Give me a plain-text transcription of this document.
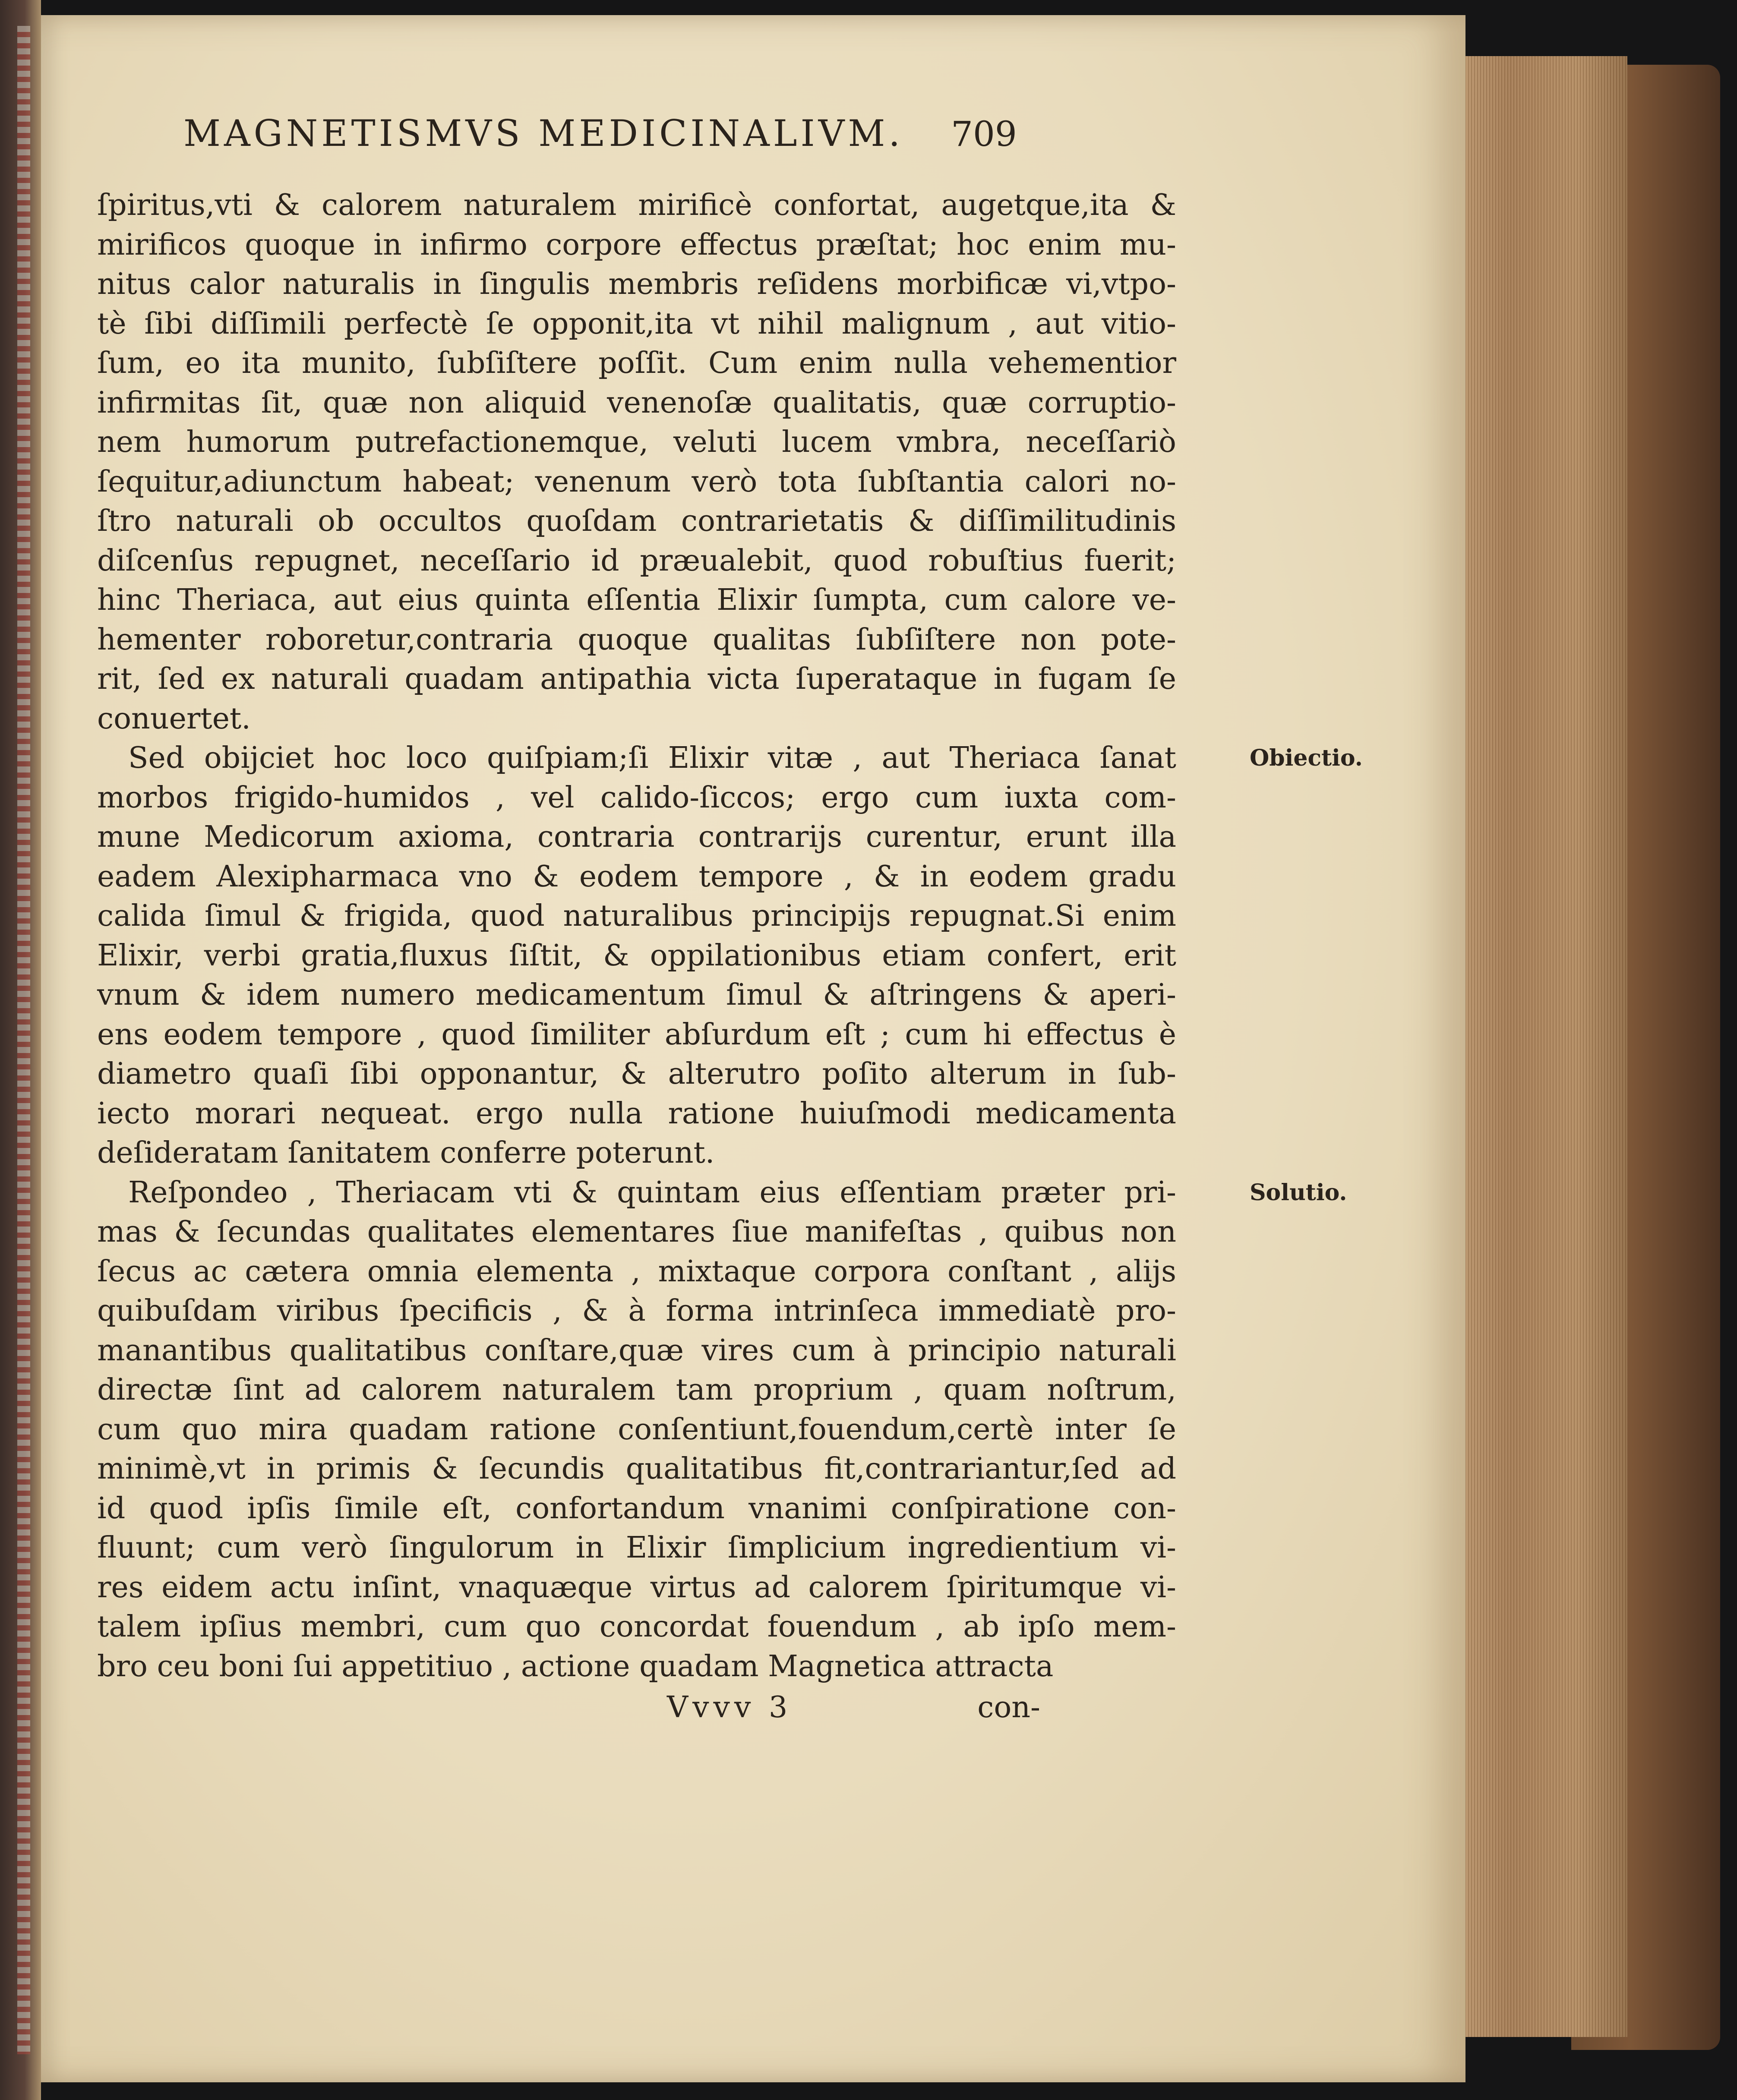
MAGNETISMVS MEDICINALIVM. 709
ſpiritus,vti & calorem naturalem mirificè confortat, augetque,ita &
mirificos quoque in infirmo corpore effectus præſtat; hoc enim mu-
nitus calor naturalis in ſingulis membris reſidens morbificæ vi,vtpo-
tè ſibi diſſimili perfectè ſe opponit,ita vt nihil malignum , aut vitio-
ſum, eo ita munito, ſubſiſtere poſſit. Cum enim nulla vehementior
infirmitas ſit, quæ non aliquid venenoſæ qualitatis, quæ corruptio-
nem humorum putrefactionemque, veluti lucem vmbra, neceſſariò
ſequitur,adiunctum habeat; venenum verò tota ſubſtantia calori no-
ſtro naturali ob occultos quoſdam contrarietatis & diſſimilitudinis
diſcenſus repugnet, neceſſario id præualebit, quod robuſtius fuerit;
hinc Theriaca, aut eius quinta eſſentia Elixir ſumpta, cum calore ve-
hementer roboretur,contraria quoque qualitas ſubſiſtere non pote-
rit, ſed ex naturali quadam antipathia victa ſuperataque in fugam ſe
conuertet.
Sed obijciet hoc loco quiſpiam;ſi Elixir vitæ , aut Theriaca ſanat	Obiectio.
morbos frigido-humidos , vel calido-ſiccos; ergo cum iuxta com-
mune Medicorum axioma, contraria contrarijs curentur, erunt illa
eadem Alexipharmaca vno & eodem tempore , & in eodem gradu
calida ſimul & frigida, quod naturalibus principijs repugnat.Si enim
Elixir, verbi gratia,fluxus ſiſtit, & oppilationibus etiam confert, erit
vnum & idem numero medicamentum ſimul & aſtringens & aperi-
ens eodem tempore , quod ſimiliter abſurdum eſt ; cum hi effectus è
diametro quaſi ſibi opponantur, & alterutro poſito alterum in ſub-
iecto morari nequeat. ergo nulla ratione huiuſmodi medicamenta
deſideratam ſanitatem conferre poterunt.
Reſpondeo , Theriacam vti & quintam eius eſſentiam præter pri-	Solutio.
mas & ſecundas qualitates elementares ſiue manifeſtas , quibus non
ſecus ac cætera omnia elementa , mixtaque corpora conſtant , alijs
quibuſdam viribus ſpecificis , & à forma intrinſeca immediatè pro-
manantibus qualitatibus conſtare,quæ vires cum à principio naturali
directæ ſint ad calorem naturalem tam proprium , quam noſtrum,
cum quo mira quadam ratione conſentiunt,fouendum,certè inter ſe
minimè,vt in primis & ſecundis qualitatibus fit,contrariantur,ſed ad
id quod ipſis ſimile eſt, confortandum vnanimi conſpiratione con-
fluunt; cum verò ſingulorum in Elixir ſimplicium ingredientium vi-
res eidem actu inſint, vnaquæque virtus ad calorem ſpiritumque vi-
talem ipſius membri, cum quo concordat fouendum , ab ipſo mem-
bro ceu boni ſui appetitiuo , actione quadam Magnetica attracta
Vvvv 3	con-
